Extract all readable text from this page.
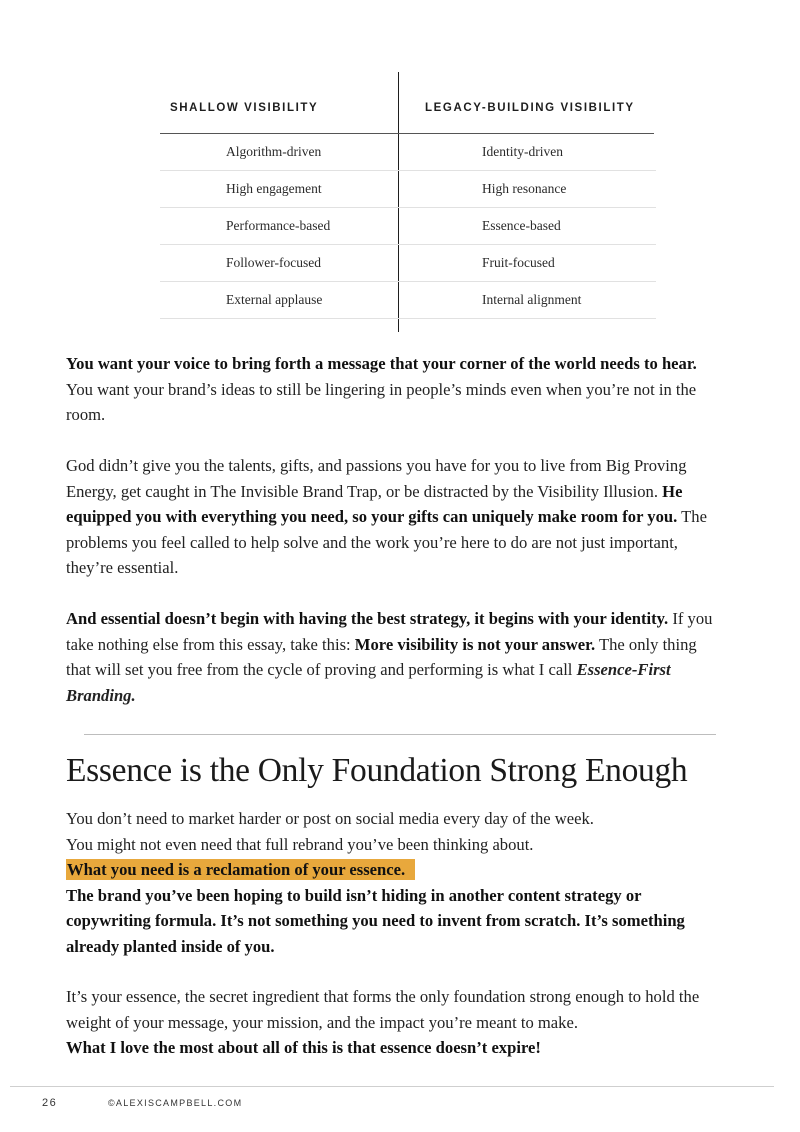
SHALLOW VISIBILITY	LEGACY-BUILDING VISIBILITY
Algorithm-driven	Identity-driven
High engagement	High resonance
Performance-based	Essence-based
Follower-focused	Fruit-focused
External applause	Internal alignment

You want your voice to bring forth a message that your corner of the world needs to hear. You want your brand’s ideas to still be lingering in people’s minds even when you’re not in the room.

God didn’t give you the talents, gifts, and passions you have for you to live from Big Proving Energy, get caught in The Invisible Brand Trap, or be distracted by the Visibility Illusion. He equipped you with everything you need, so your gifts can uniquely make room for you. The problems you feel called to help solve and the work you’re here to do are not just important, they’re essential.

And essential doesn’t begin with having the best strategy, it begins with your identity. If you take nothing else from this essay, take this: More visibility is not your answer. The only thing that will set you free from the cycle of proving and performing is what I call Essence-First Branding.

Essence is the Only Foundation Strong Enough

You don’t need to market harder or post on social media every day of the week.

You might not even need that full rebrand you’ve been thinking about.

What you need is a reclamation of your essence.

The brand you’ve been hoping to build isn’t hiding in another content strategy or copywriting formula. It’s not something you need to invent from scratch. It’s something already planted inside of you.

It’s your essence, the secret ingredient that forms the only foundation strong enough to hold the weight of your message, your mission, and the impact you’re meant to make.

What I love the most about all of this is that essence doesn’t expire!

26	©ALEXISCAMPBELL.COM
